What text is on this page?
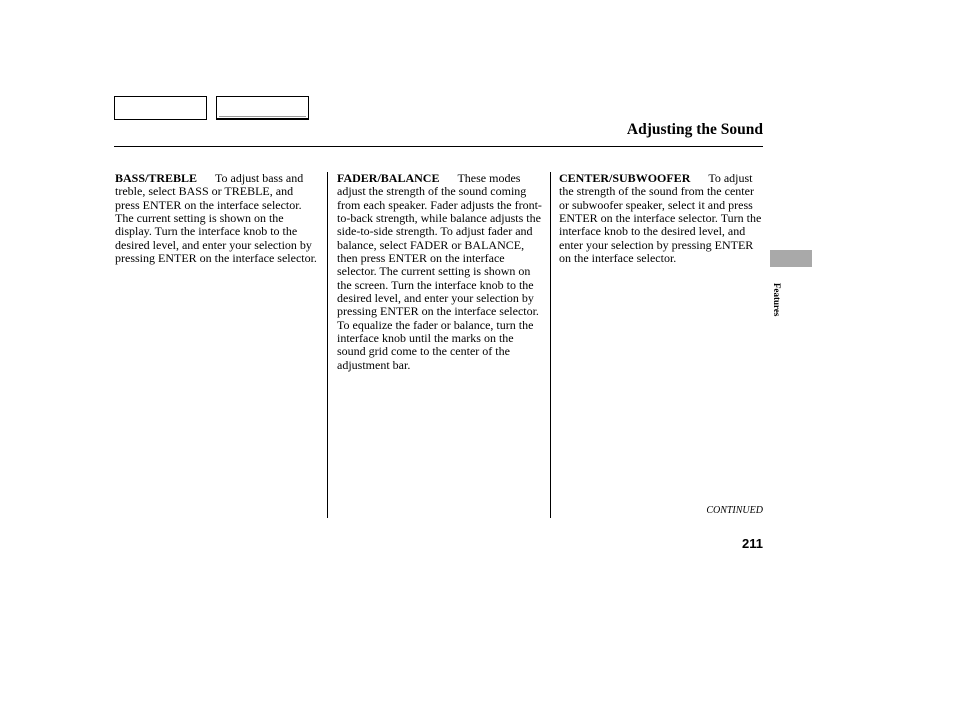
Adjusting the Sound
BASS/TREBLE To adjust bass and treble, select BASS or TREBLE, and press ENTER on the interface selector. The current setting is shown on the display. Turn the interface knob to the desired level, and enter your selection by pressing ENTER on the interface selector.
FADER/BALANCE These modes adjust the strength of the sound coming from each speaker. Fader adjusts the front-to-back strength, while balance adjusts the side-to-side strength. To adjust fader and balance, select FADER or BALANCE, then press ENTER on the interface selector. The current setting is shown on the screen. Turn the interface knob to the desired level, and enter your selection by pressing ENTER on the interface selector. To equalize the fader or balance, turn the interface knob until the marks on the sound grid come to the center of the adjustment bar.
CENTER/SUBWOOFER To adjust the strength of the sound from the center or subwoofer speaker, select it and press ENTER on the interface selector. Turn the interface knob to the desired level, and enter your selection by pressing ENTER on the interface selector.
Features
CONTINUED
211
